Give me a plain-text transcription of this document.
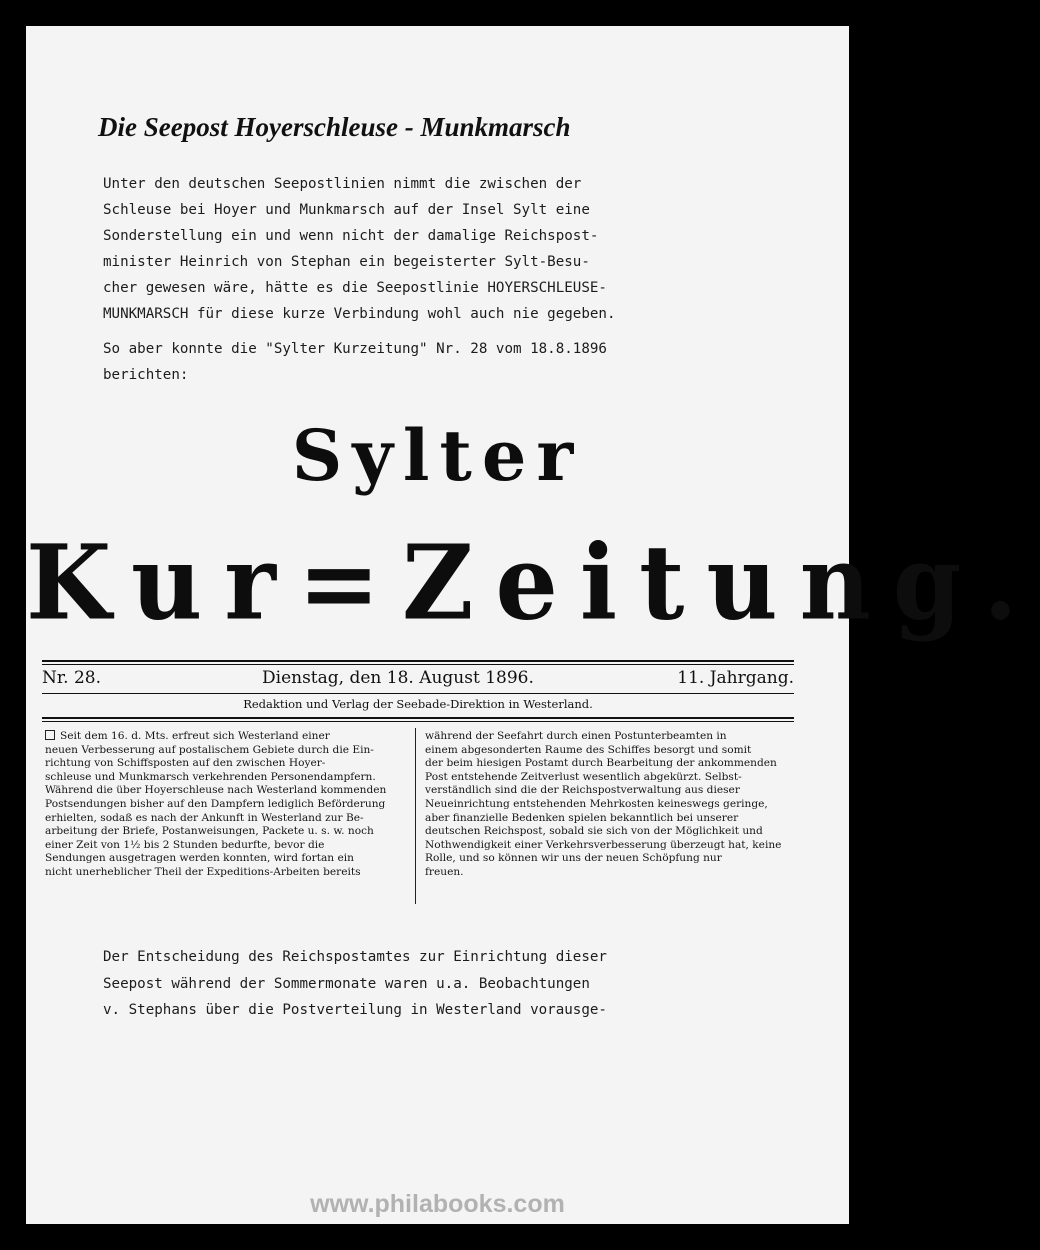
Die Seepost Hoyerschleuse - Munkmarsch
Unter den deutschen Seepostlinien nimmt die zwischen der
Schleuse bei Hoyer und Munkmarsch auf der Insel Sylt eine
Sonderstellung ein und wenn nicht der damalige Reichspost-
minister Heinrich von Stephan ein begeisterter Sylt-Besu-
cher gewesen wäre, hätte es die Seepostlinie HOYERSCHLEUSE-
MUNKMARSCH für diese kurze Verbindung wohl auch nie gegeben.
So aber konnte die "Sylter Kurzeitung" Nr. 28 vom 18.8.1896
berichten:
Sylter
Kur=Zeitung.
Nr. 28.	Dienstag, den 18. August 1896.	11. Jahrgang.
Redaktion und Verlag der Seebade-Direktion in Westerland.
Seit dem 16. d. Mts. erfreut sich Westerland einer
neuen Verbesserung auf postalischem Gebiete durch die Ein-
richtung von Schiffsposten auf den zwischen Hoyer-
schleuse und Munkmarsch verkehrenden Personendampfern.
Während die über Hoyerschleuse nach Westerland kommenden
Postsendungen bisher auf den Dampfern lediglich Beförderung
erhielten, sodaß es nach der Ankunft in Westerland zur Be-
arbeitung der Briefe, Postanweisungen, Packete u. s. w. noch
einer Zeit von 1½ bis 2 Stunden bedurfte, bevor die
Sendungen ausgetragen werden konnten, wird fortan ein
nicht unerheblicher Theil der Expeditions-Arbeiten bereits
während der Seefahrt durch einen Postunterbeamten in
einem abgesonderten Raume des Schiffes besorgt und somit
der beim hiesigen Postamt durch Bearbeitung der ankommenden
Post entstehende Zeitverlust wesentlich abgekürzt. Selbst-
verständlich sind die der Reichspostverwaltung aus dieser
Neueinrichtung entstehenden Mehrkosten keineswegs geringe,
aber finanzielle Bedenken spielen bekanntlich bei unserer
deutschen Reichspost, sobald sie sich von der Möglichkeit und
Nothwendigkeit einer Verkehrsverbesserung überzeugt hat, keine
Rolle, und so können wir uns der neuen Schöpfung nur
freuen.
Der Entscheidung des Reichspostamtes zur Einrichtung dieser
Seepost während der Sommermonate waren u.a. Beobachtungen
v. Stephans über die Postverteilung in Westerland vorausge-
www.philabooks.com
